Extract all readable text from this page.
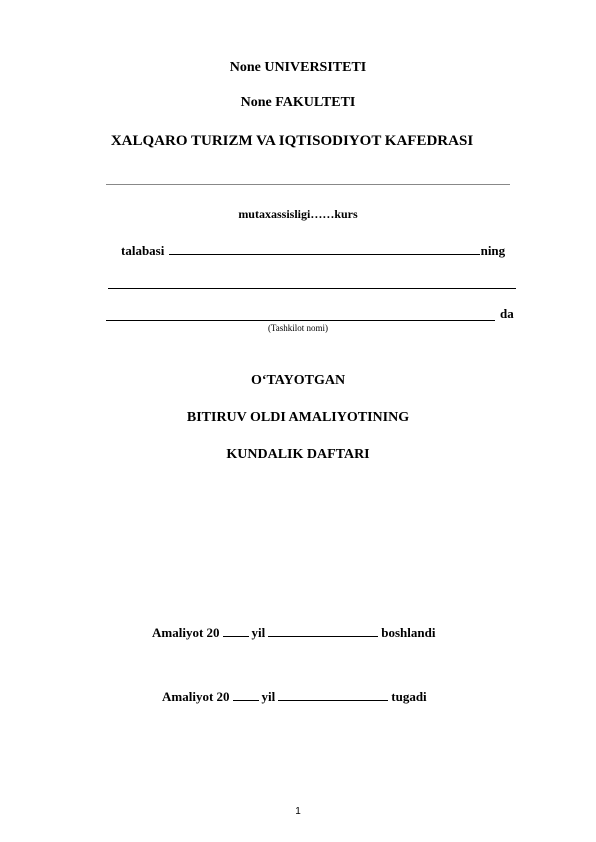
None UNIVERSITETI
None FAKULTETI
XALQARO TURIZM VA IQTISODIYOT KAFEDRASI
mutaxassisligi……kurs
talabasi	ning
da
(Tashkilot nomi)
O‘TAYOTGAN
BITIRUV OLDI AMALIYOTINING
KUNDALIK DAFTARI
Amaliyot 20 yil	boshlandi
Amaliyot 20 yil	tugadi
1
